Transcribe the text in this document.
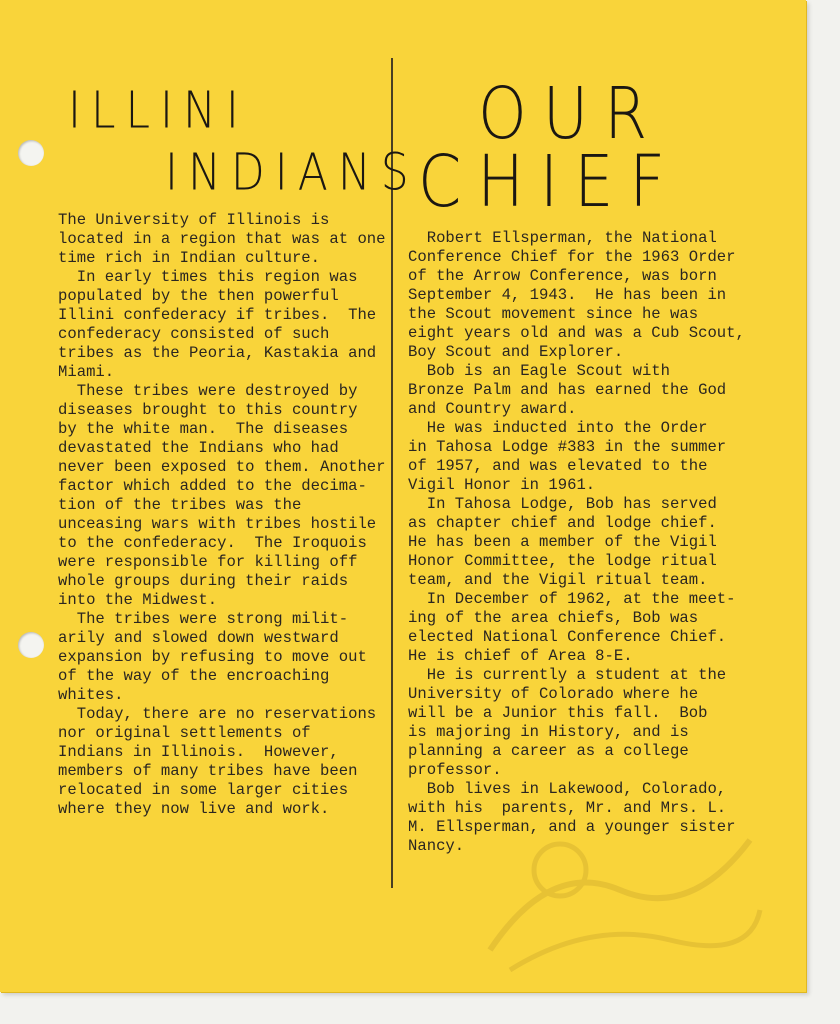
ILLINI
INDIANS
The University of Illinois is
located in a region that was at one
time rich in Indian culture.
In early times this region was
populated by the then powerful
Illini confederacy if tribes.  The
confederacy consisted of such
tribes as the Peoria, Kastakia and
Miami.
These tribes were destroyed by
diseases brought to this country
by the white man.  The diseases
devastated the Indians who had
never been exposed to them. Another
factor which added to the decima-
tion of the tribes was the
unceasing wars with tribes hostile
to the confederacy.  The Iroquois
were responsible for killing off
whole groups during their raids
into the Midwest.
The tribes were strong milit-
arily and slowed down westward
expansion by refusing to move out
of the way of the encroaching
whites.
Today, there are no reservations
nor original settlements of
Indians in Illinois.  However,
members of many tribes have been
relocated in some larger cities
where they now live and work.
OUR
CHIEF
Robert Ellsperman, the National
Conference Chief for the 1963 Order
of the Arrow Conference, was born
September 4, 1943.  He has been in
the Scout movement since he was
eight years old and was a Cub Scout,
Boy Scout and Explorer.
Bob is an Eagle Scout with
Bronze Palm and has earned the God
and Country award.
He was inducted into the Order
in Tahosa Lodge #383 in the summer
of 1957, and was elevated to the
Vigil Honor in 1961.
In Tahosa Lodge, Bob has served
as chapter chief and lodge chief.
He has been a member of the Vigil
Honor Committee, the lodge ritual
team, and the Vigil ritual team.
In December of 1962, at the meet-
ing of the area chiefs, Bob was
elected National Conference Chief.
He is chief of Area 8-E.
He is currently a student at the
University of Colorado where he
will be a Junior this fall.  Bob
is majoring in History, and is
planning a career as a college
professor.
Bob lives in Lakewood, Colorado,
with his  parents, Mr. and Mrs. L.
M. Ellsperman, and a younger sister
Nancy.
